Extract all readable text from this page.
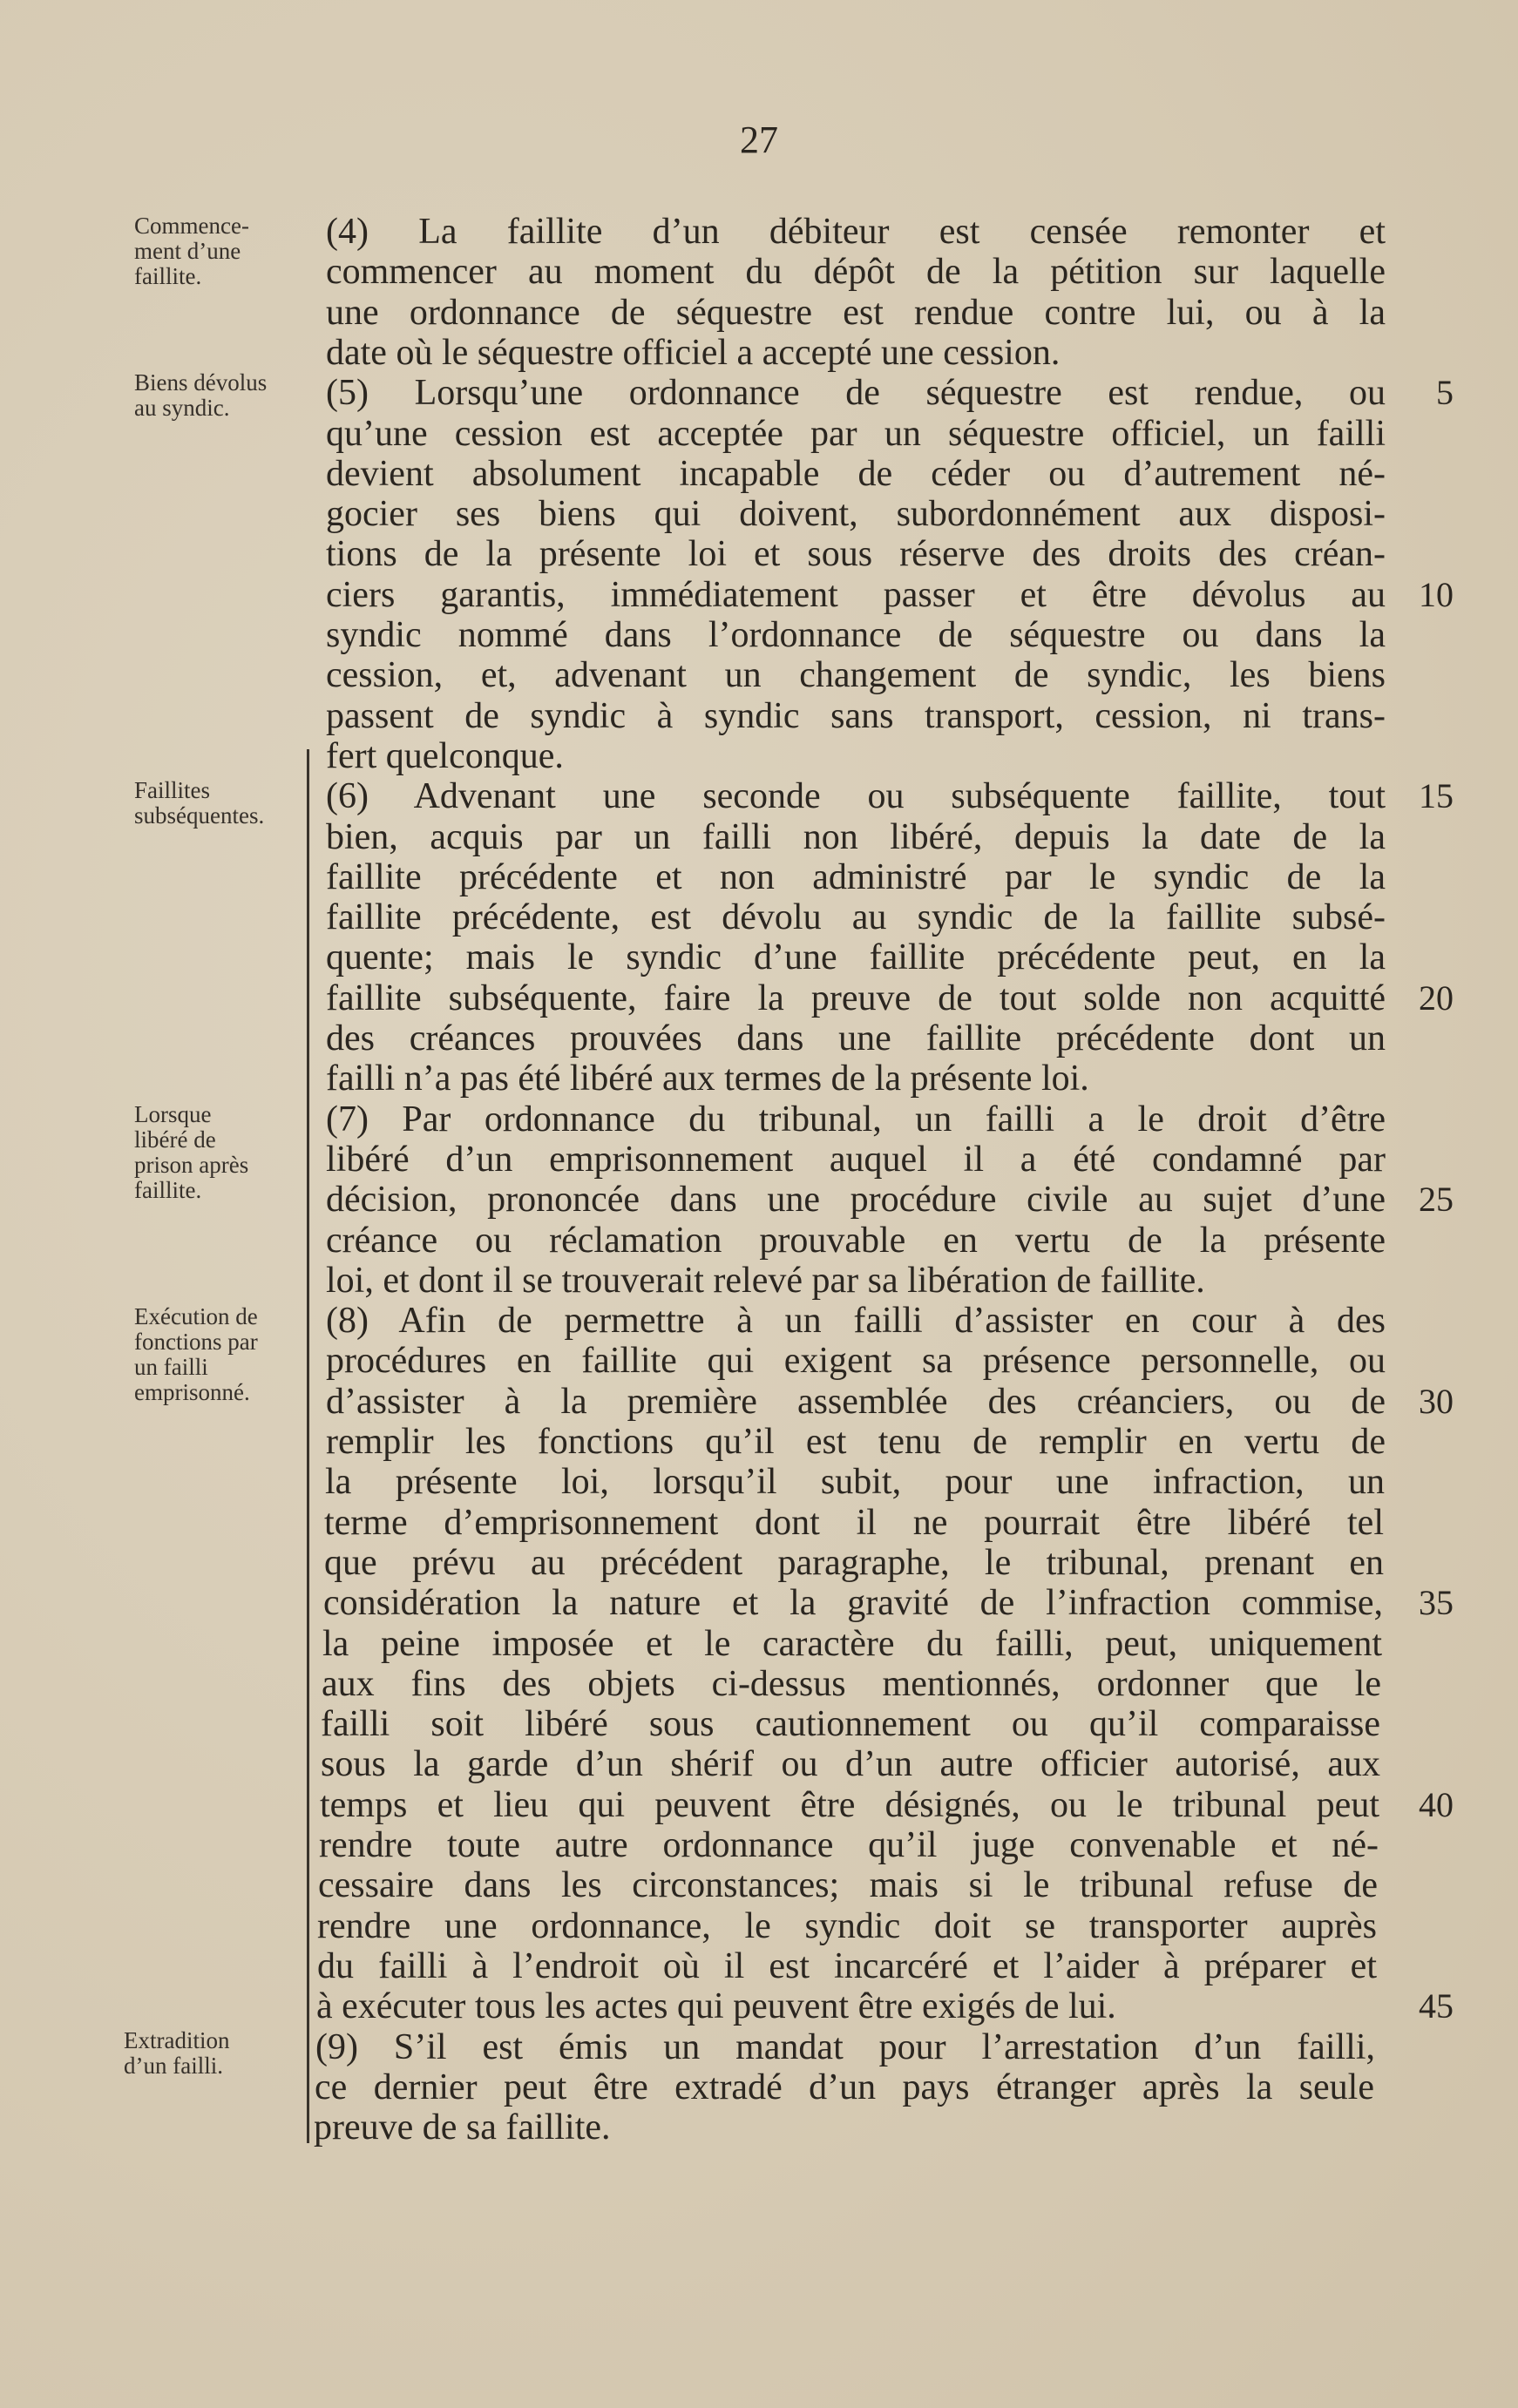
27
Commence-
ment d’une
faillite.
Biens dévolus
au syndic.
Faillites
subséquentes.
Lorsque
libéré de
prison après
faillite.
Exécution de
fonctions par
un failli
emprisonné.
Extradition
d’un failli.
(4) La faillite d’un débiteur est censée remonter et
commencer au moment du dépôt de la pétition sur laquelle
une ordonnance de séquestre est rendue contre lui, ou à la
date où le séquestre officiel a accepté une cession.
(5) Lorsqu’une ordonnance de séquestre est rendue, ou
qu’une cession est acceptée par un séquestre officiel, un failli
devient absolument incapable de céder ou d’autrement né-
gocier ses biens qui doivent, subordonnément aux disposi-
tions de la présente loi et sous réserve des droits des créan-
ciers garantis, immédiatement passer et être dévolus au
syndic nommé dans l’ordonnance de séquestre ou dans la
cession, et, advenant un changement de syndic, les biens
passent de syndic à syndic sans transport, cession, ni trans-
fert quelconque.
(6) Advenant une seconde ou subséquente faillite, tout
bien, acquis par un failli non libéré, depuis la date de la
faillite précédente et non administré par le syndic de la
faillite précédente, est dévolu au syndic de la faillite subsé-
quente; mais le syndic d’une faillite précédente peut, en la
faillite subséquente, faire la preuve de tout solde non acquitté
des créances prouvées dans une faillite précédente dont un
failli n’a pas été libéré aux termes de la présente loi.
(7) Par ordonnance du tribunal, un failli a le droit d’être
libéré d’un emprisonnement auquel il a été condamné par
décision, prononcée dans une procédure civile au sujet d’une
créance ou réclamation prouvable en vertu de la présente
loi, et dont il se trouverait relevé par sa libération de faillite.
(8) Afin de permettre à un failli d’assister en cour à des
procédures en faillite qui exigent sa présence personnelle, ou
d’assister à la première assemblée des créanciers, ou de
remplir les fonctions qu’il est tenu de remplir en vertu de
la présente loi, lorsqu’il subit, pour une infraction, un
terme d’emprisonnement dont il ne pourrait être libéré tel
que prévu au précédent paragraphe, le tribunal, prenant en
considération la nature et la gravité de l’infraction commise,
la peine imposée et le caractère du failli, peut, uniquement
aux fins des objets ci-dessus mentionnés, ordonner que le
failli soit libéré sous cautionnement ou qu’il comparaisse
sous la garde d’un shérif ou d’un autre officier autorisé, aux
temps et lieu qui peuvent être désignés, ou le tribunal peut
rendre toute autre ordonnance qu’il juge convenable et né-
cessaire dans les circonstances; mais si le tribunal refuse de
rendre une ordonnance, le syndic doit se transporter auprès
du failli à l’endroit où il est incarcéré et l’aider à préparer et
à exécuter tous les actes qui peuvent être exigés de lui.
(9) S’il est émis un mandat pour l’arrestation d’un failli,
ce dernier peut être extradé d’un pays étranger après la seule
preuve de sa faillite.
5
10
15
20
25
30
35
40
45
